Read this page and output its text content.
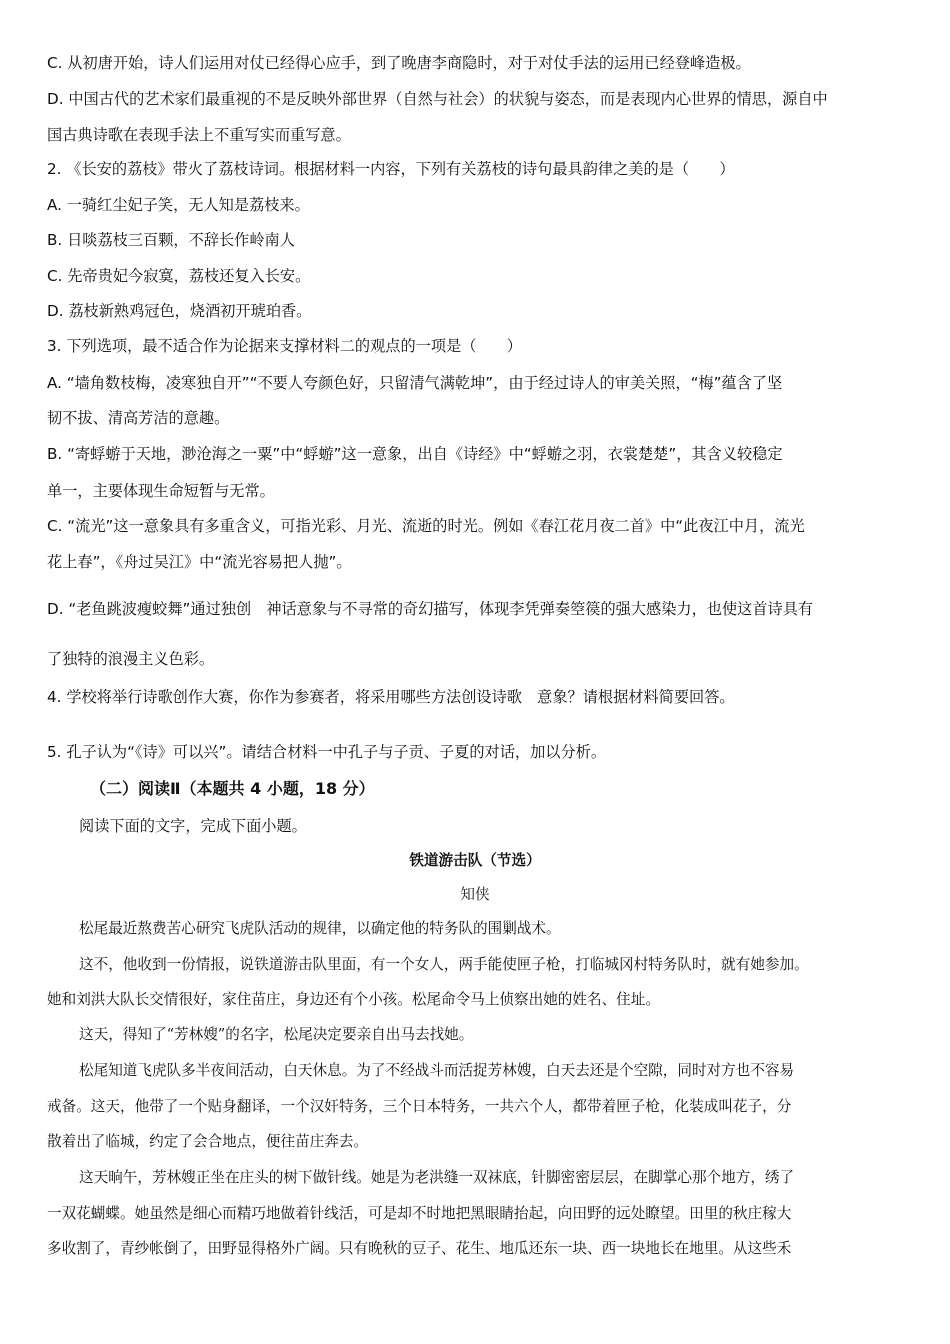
C. 从初唐开始，诗人们运用对仗已经得心应手，到了晚唐李商隐时，对于对仗手法的运用已经登峰造极。
D. 中国古代的艺术家们最重视的不是反映外部世界（自然与社会）的状貌与姿态，而是表现内心世界的情思，源自中
国古典诗歌在表现手法上不重写实而重写意。
2. 《长安的荔枝》带火了荔枝诗词。根据材料一内容，下列有关荔枝的诗句最具韵律之美的是（　　）
A. 一骑红尘妃子笑，无人知是荔枝来。
B. 日啖荔枝三百颗，不辞长作岭南人
C. 先帝贵妃今寂寞，荔枝还复入长安。
D. 荔枝新熟鸡冠色，烧酒初开琥珀香。
3. 下列选项，最不适合作为论据来支撑材料二的观点的一项是（　　）
A. “墙角数枝梅，凌寒独自开”“不要人夸颜色好，只留清气满乾坤”，由于经过诗人的审美关照，“梅”蕴含了坚
韧不拔、清高芳洁的意趣。
B. “寄蜉蝣于天地，渺沧海之一粟”中“蜉蝣”这一意象，出自《诗经》中“蜉蝣之羽，衣裳楚楚”，其含义较稳定
单一，主要体现生命短暂与无常。
C. “流光”这一意象具有多重含义，可指光彩、月光、流逝的时光。例如《春江花月夜二首》中“此夜江中月，流光
花上春”，《舟过吴江》中“流光容易把人抛”。
D. “老鱼跳波瘦蛟舞”通过独创　神话意象与不寻常的奇幻描写，体现李凭弹奏箜篌的强大感染力，也使这首诗具有
了独特的浪漫主义色彩。
4. 学校将举行诗歌创作大赛，你作为参赛者，将采用哪些方法创设诗歌　意象？请根据材料简要回答。
5. 孔子认为“《诗》可以兴”。请结合材料一中孔子与子贡、子夏的对话，加以分析。
（二）阅读Ⅱ（本题共 4 小题，18 分）
阅读下面的文字，完成下面小题。
铁道游击队（节选）
知侠
松尾最近熬费苦心研究飞虎队活动的规律，以确定他的特务队的围剿战术。
这不，他收到一份情报，说铁道游击队里面，有一个女人，两手能使匣子枪，打临城冈村特务队时，就有她参加。
她和刘洪大队长交情很好，家住苗庄，身边还有个小孩。松尾命令马上侦察出她的姓名、住址。
这天，得知了“芳林嫂”的名字，松尾决定要亲自出马去找她。
松尾知道飞虎队多半夜间活动，白天休息。为了不经战斗而活捉芳林嫂，白天去还是个空隙，同时对方也不容易
戒备。这天，他带了一个贴身翻译，一个汉奸特务，三个日本特务，一共六个人，都带着匣子枪，化装成叫花子，分
散着出了临城，约定了会合地点，便往苗庄奔去。
这天晌午，芳林嫂正坐在庄头的树下做针线。她是为老洪缝一双袜底，针脚密密层层，在脚掌心那个地方，绣了
一双花蝴蝶。她虽然是细心而精巧地做着针线活，可是却不时地把黑眼睛抬起，向田野的远处瞭望。田里的秋庄稼大
多收割了，青纱帐倒了，田野显得格外广阔。只有晚秋的豆子、花生、地瓜还东一块、西一块地长在地里。从这些禾
